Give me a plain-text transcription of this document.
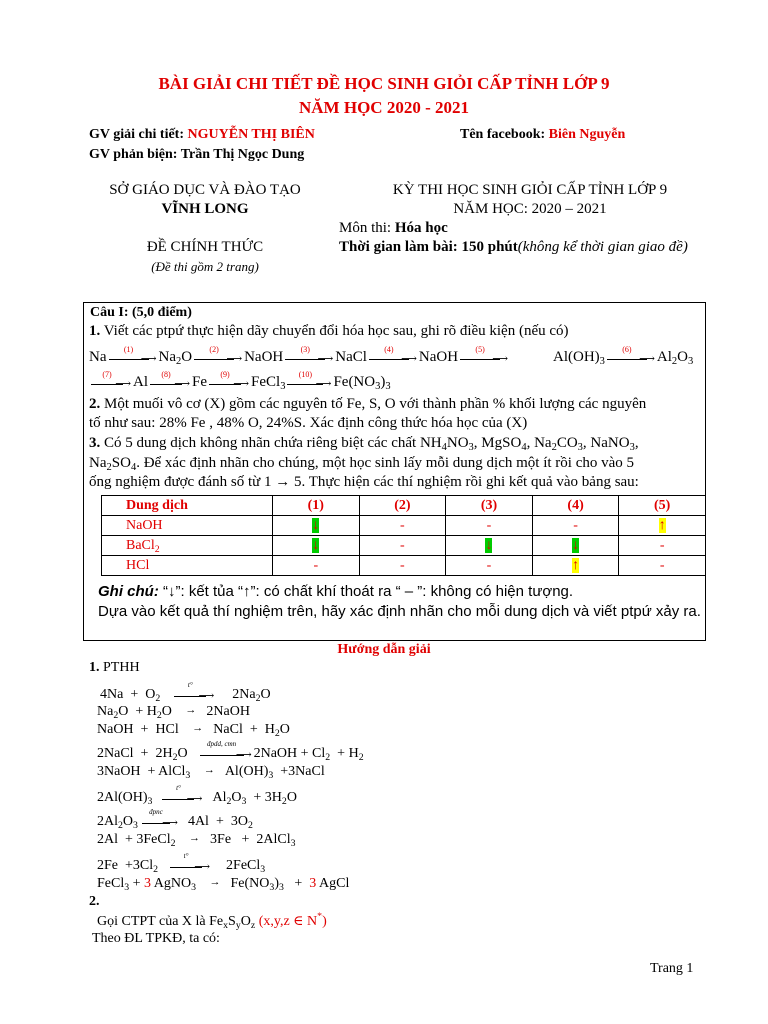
BÀI GIẢI CHI TIẾT ĐỀ HỌC SINH GIỎI CẤP TỈNH LỚP 9
NĂM HỌC 2020 - 2021
GV giải chi tiết: NGUYỄN THỊ BIÊN	Tên facebook: Biên Nguyễn
GV phản biện: Trần Thị Ngọc Dung
SỞ GIÁO DỤC VÀ ĐÀO TẠO
VĨNH LONG
ĐỀ CHÍNH THỨC
(Đề thi gồm 2 trang)
KỲ THI HỌC SINH GIỎI CẤP TỈNH LỚP 9
NĂM HỌC: 2020 – 2021
Môn thi: Hóa học
Thời gian làm bài: 150 phút(không kể thời gian giao đề)
Câu I: (5,0 điểm)
1. Viết các ptpứ thực hiện dãy chuyển đổi hóa học sau, ghi rõ điều kiện (nếu có)
Na	(1)
⟶ $Na_2O$	(2)
⟶ NaOH	(3)
⟶ NaCl	(4)
⟶ NaOH	(5)
⟶	$Al(OH)_3$
(6)
⟶ $Al_2O_3$
(7)
⟶ Al	(8)
⟶ Fe	(9)
⟶ FeCl$_3$
(10)
⟶ $Fe(NO_3)_3$
2. Một muối vô cơ (X) gồm các nguyên tố Fe, S, O với thành phần % khối lượng các nguyên
tố như sau: 28% Fe , 48% O, 24%S. Xác định công thức hóa học của (X)
3. Có 5 dung dịch không nhãn chứa riêng biệt các chất $NH_4NO_3$, MgSO$_4$, $Na_2CO_3$, NaNO$_3$,
$Na_2SO_4$. Để xác định nhãn cho chúng, một học sinh lấy mỗi dung dịch một ít rồi cho vào 5
ống nghiệm được đánh số từ 1 → 5. Thực hiện các thí nghiệm rồi ghi kết quả vào bảng sau:
Dung dịch	(1)	(2)	(3)	(4)	(5)
NaOH	↓	-	-	-	↑
BaCl$_2$	↓	-	↓	↓	-
HCl	-	-	-	↑	-
Ghi chú: “↓”: kết tủa “↑”: có chất khí thoát ra “ – ”: không có hiện tượng.
Dựa vào kết quả thí nghiệm trên, hãy xác định nhãn cho mỗi dung dịch và viết ptpứ xảy ra.
Hướng dẫn giải
1. PTHH
$4Na + O_2$
t°
⟶ $2Na_2O$
$Na_2O + H_2O$ → 2NaOH
NaOH  +  HCl → NaCl  +  $H_2O$
2NaCl  +  $2H_2O$
đpdd, cmn
⟶ 2NaOH + $Cl_2 + H_2$
3NaOH  + AlCl$_3$ → $Al(OH)_3$  +3NaCl
$2Al(OH)_3$
t°
⟶ $Al_2O_3 + 3H_2O$
$2Al_2O_3$
đpnc
⟶ $4Al + 3O_2$
2Al  + 3FeCl$_2$ → 3Fe   +  2AlCl$_3$
$2Fe +3Cl_2$
t°
⟶ 2FeCl$_3$
FeCl$_3$ + 3 AgNO$_3$ → $Fe(NO_3)_3 + 3$ AgCl
2.
Gọi CTPT của X là $Fe_xS_yO_z$ (x,y,z ∈ N*)
Theo ĐL TPKĐ, ta có:
Trang 1
